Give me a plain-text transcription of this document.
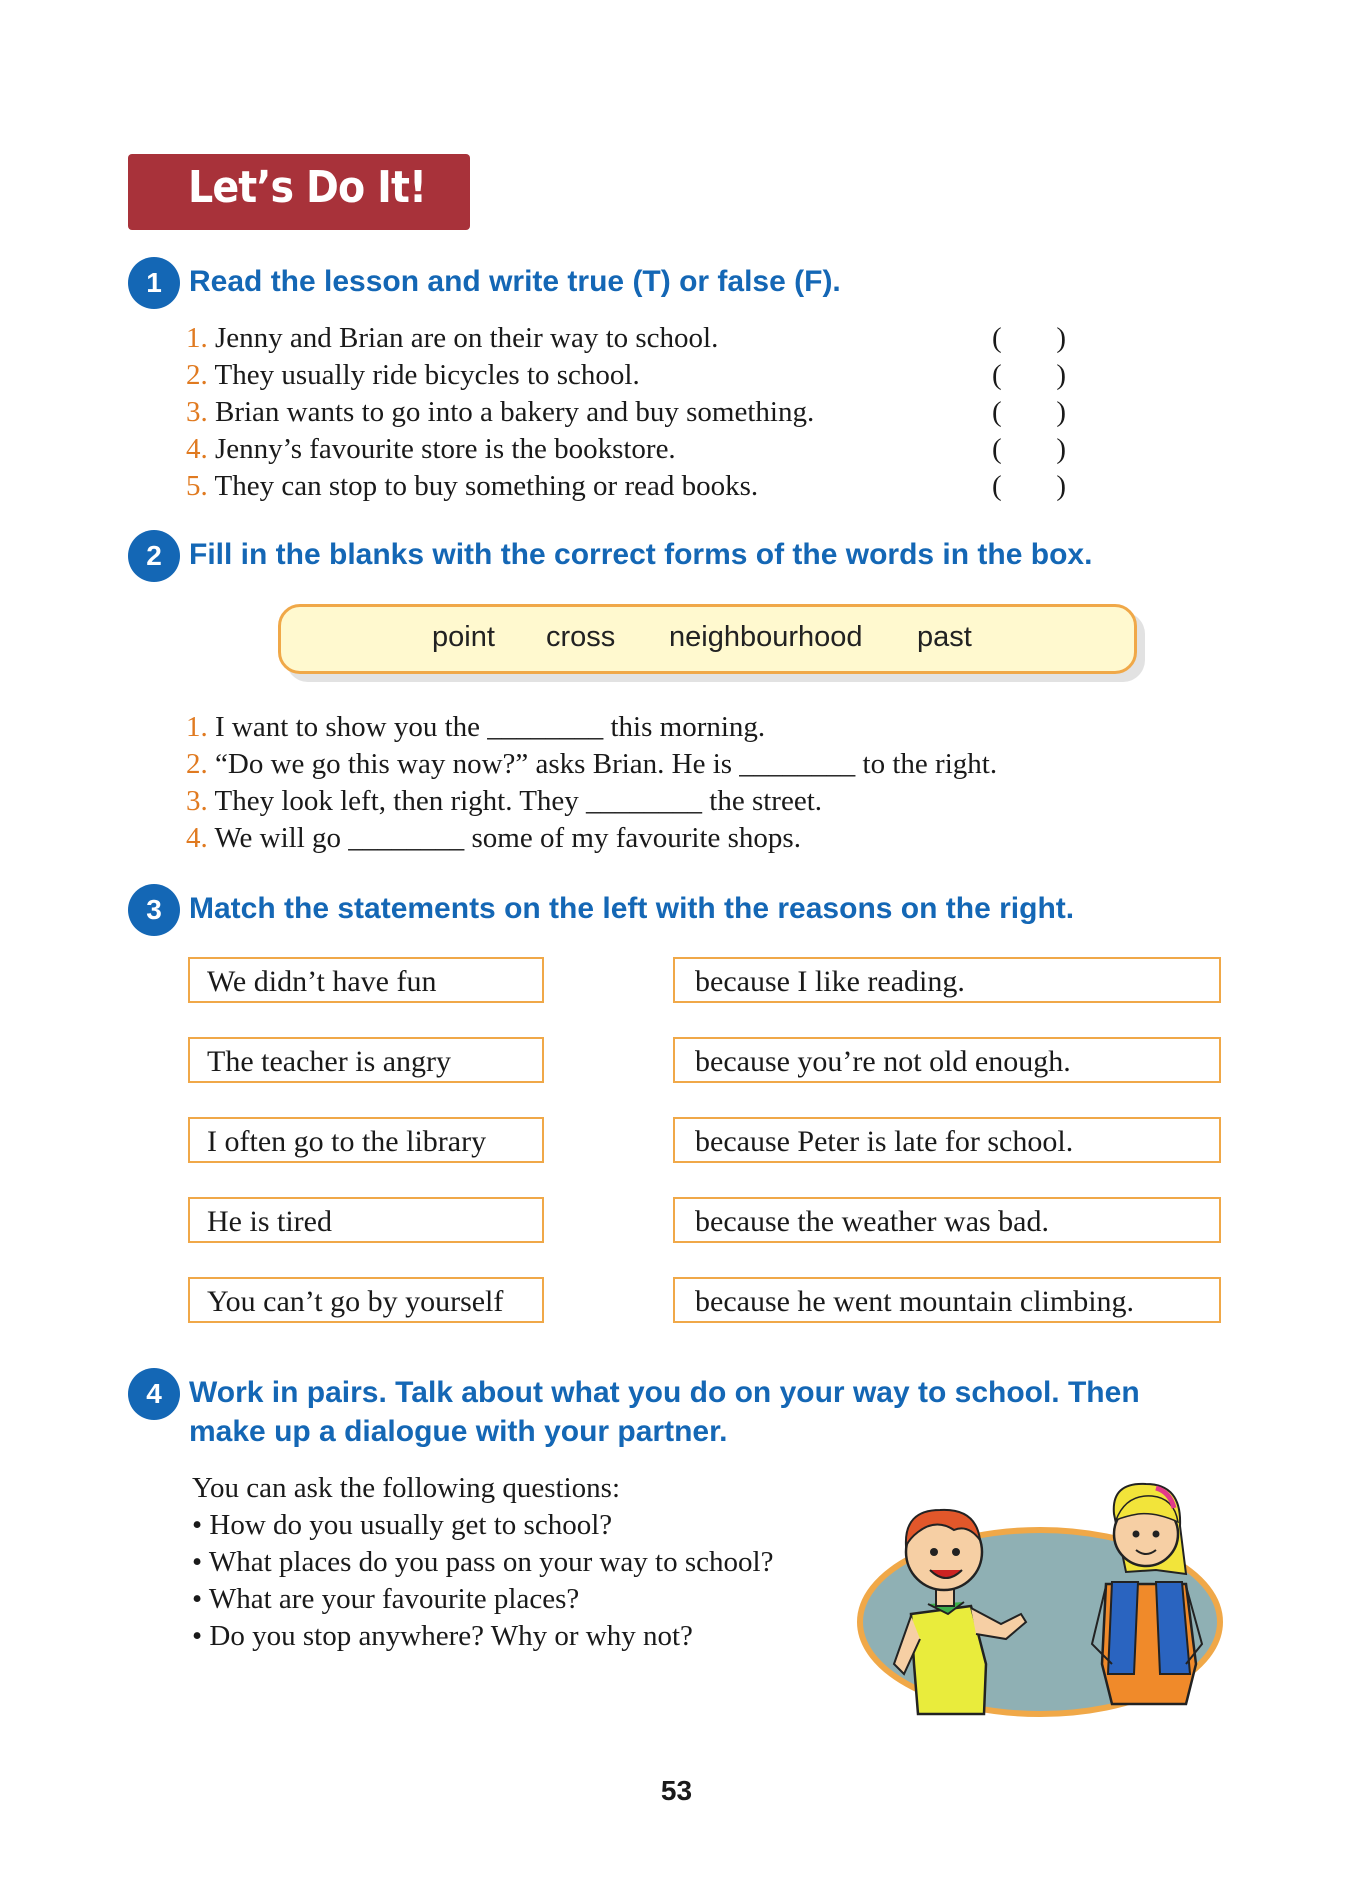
Let’s Do It!
1 Read the lesson and write true (T) or false (F).
1. Jenny and Brian are on their way to school.
2. They usually ride bicycles to school.
3. Brian wants to go into a bakery and buy something.
4. Jenny’s favourite store is the bookstore.
5. They can stop to buy something or read books.
( )
( )
( )
( )
( )
2 Fill in the blanks with the correct forms of the words in the box.
point cross neighbourhood past
1. I want to show you the ________ this morning.
2. “Do we go this way now?” asks Brian. He is ________ to the right.
3. They look left, then right. They ________ the street.
4. We will go ________ some of my favourite shops.
3 Match the statements on the left with the reasons on the right.
We didn’t have fun
The teacher is angry
I often go to the library
He is tired
You can’t go by yourself
because I like reading.
because you’re not old enough.
because Peter is late for school.
because the weather was bad.
because he went mountain climbing.
4 Work in pairs. Talk about what you do on your way to school. Then
make up a dialogue with your partner.
You can ask the following questions:
• How do you usually get to school?
• What places do you pass on your way to school?
• What are your favourite places?
• Do you stop anywhere? Why or why not?
53
